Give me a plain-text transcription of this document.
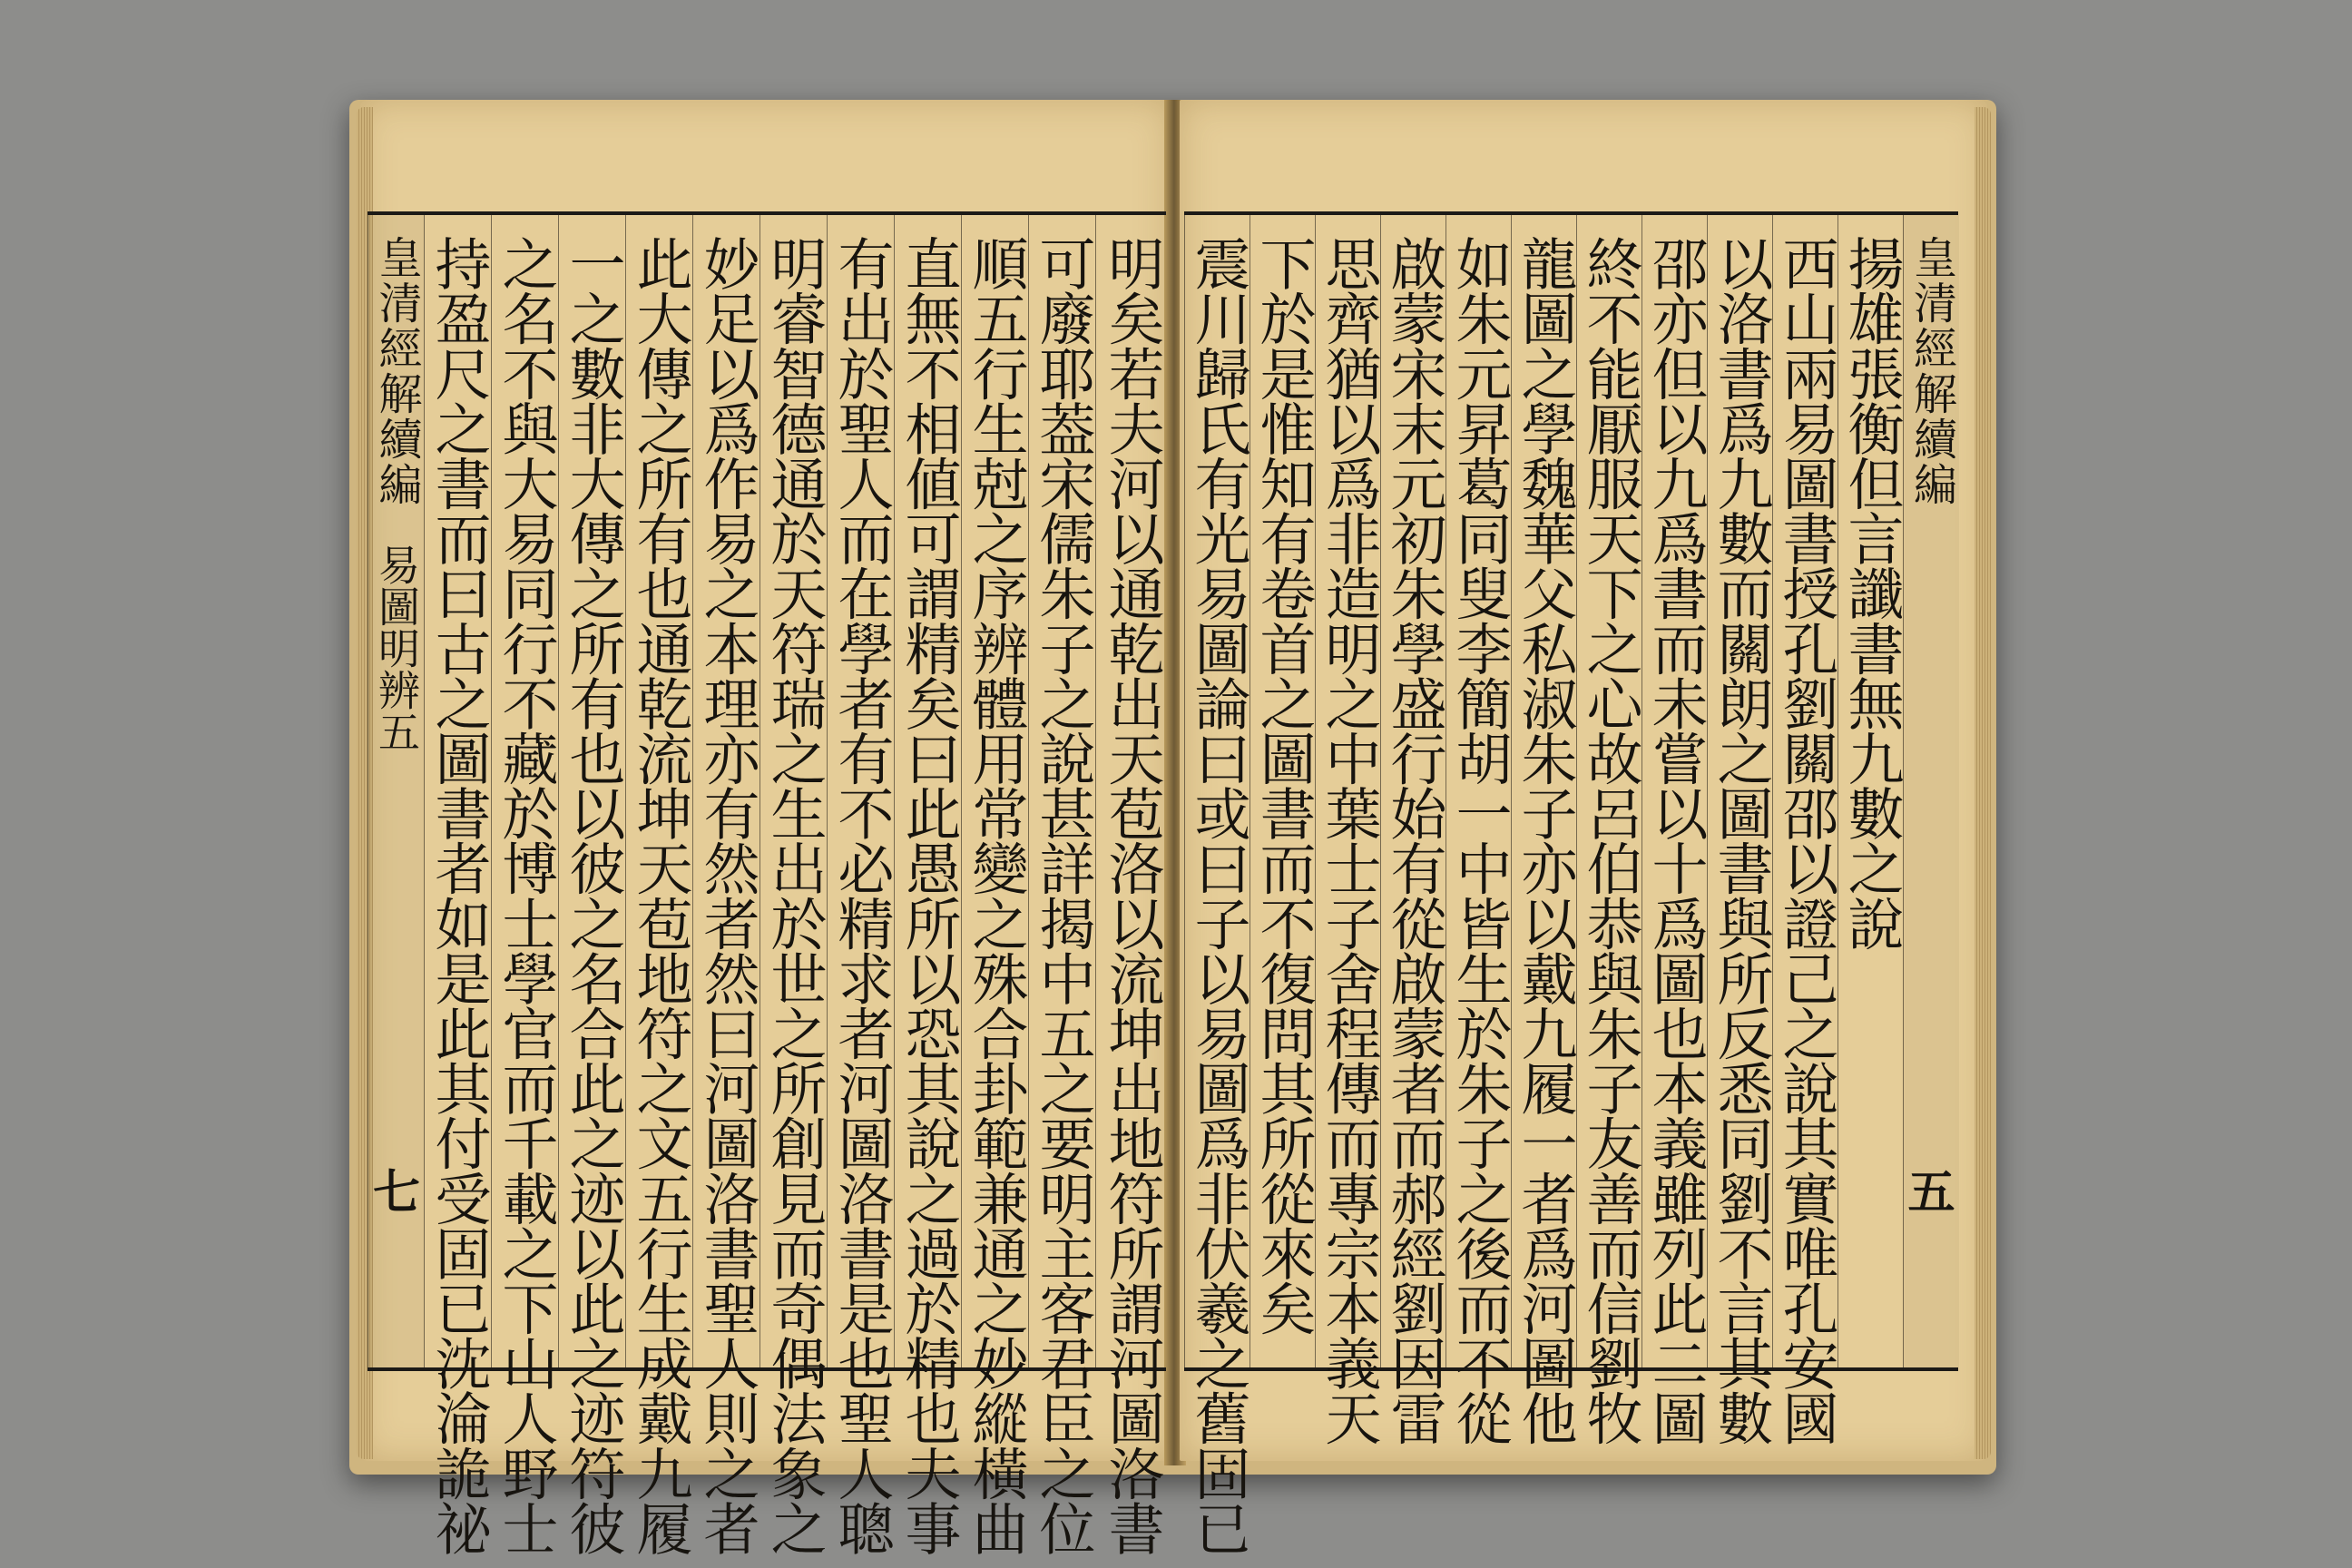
皇清經解續編
易圖明辨五
七 持盈尺之書而曰古之圖書者如是此其付受固已沈淪詭祕 之名不與大易同行不藏於博士學官而千載之下山人野士 一之數非大傳之所有也以彼之名合此之迹以此之迹符彼 此大傳之所有也通乾流坤天苞地符之文五行生成戴九履 妙足以爲作易之本理亦有然者然曰河圖洛書聖人則之者 明睿智德通於天符瑞之生出於世之所創見而奇偶法象之 有出於聖人而在學者有不必精求者河圖洛書是也聖人聰 直無不相値可謂精矣曰此愚所以恐其說之過於精也夫事 順五行生尅之序辨體用常變之殊合卦範兼通之妙縱橫曲 可廢耶葢宋儒朱子之說甚詳揭中五之要明主客君臣之位 明矣若夫河以通乾出天苞洛以流坤出地符所謂河圖洛書 震川歸氏有光易圖論曰或曰子以易圖爲非伏羲之舊固已 下於是惟知有卷首之圖書而不復問其所從來矣 思齊猶以爲非造明之中葉士子舍程傳而專宗本義天 啟蒙宋末元初朱學盛行始有從啟蒙者而郝經劉因雷 如朱元昇葛同叟李簡胡一中皆生於朱子之後而不從 龍圖之學魏華父私淑朱子亦以戴九履一者爲河圖他 終不能厭服天下之心故呂伯恭與朱子友善而信劉牧 邵亦但以九爲書而未嘗以十爲圖也本義雖列此二圖 以洛書爲九數而關朗之圖書與所反悉同劉不言其數 西山兩易圖書授孔劉關邵以證己之說其實唯孔安國 揚雄張衡但言讖書無九數之說 皇清經解續編
五
